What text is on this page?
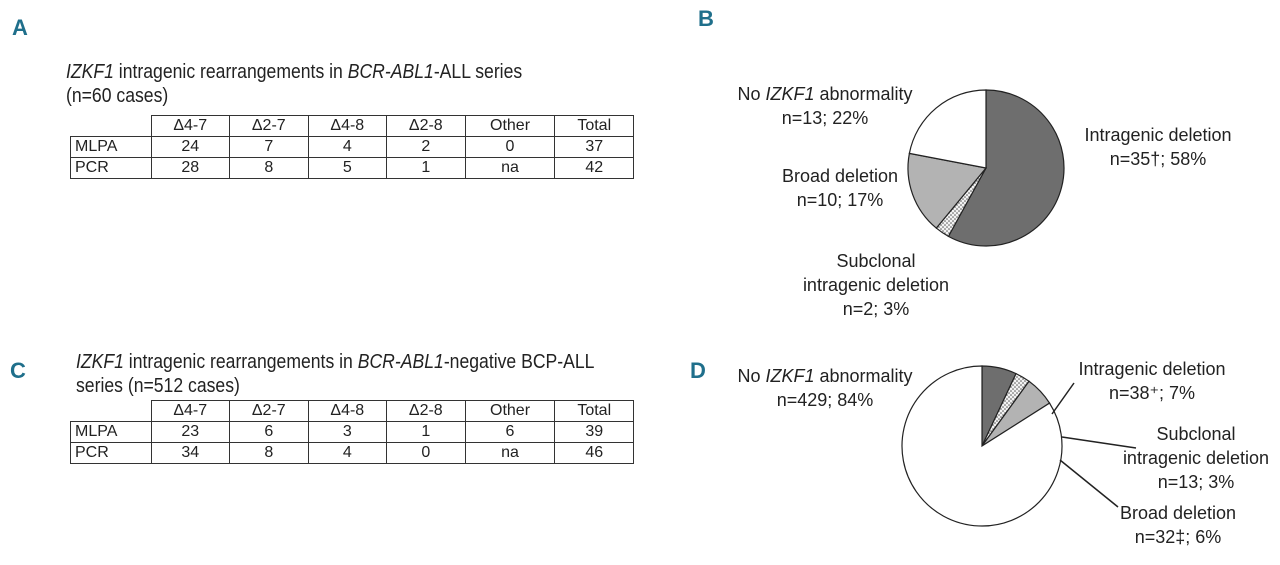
A	B
C	D
IZKF1 intragenic rearrangements in BCR-ABL1-ALL series
(n=60 cases)
	Δ4-7	Δ2-7	Δ4-8	Δ2-8	Other	Total
MLPA	24	7	4	2	0	37
PCR	28	8	5	1	na	42
IZKF1 intragenic rearrangements in BCR-ABL1-negative BCP-ALL
series (n=512 cases)
	Δ4-7	Δ2-7	Δ4-8	Δ2-8	Other	Total
MLPA	23	6	3	1	6	39
PCR	34	8	4	0	na	46
No IZKF1 abnormality
n=13; 22%
Intragenic deletion
n=35†; 58%
Broad deletion
n=10; 17%
Subclonal
intragenic deletion
n=2; 3%
No IZKF1 abnormality
n=429; 84%
Intragenic deletion
n=38⁺; 7%
Subclonal
intragenic deletion
n=13; 3%
Broad deletion
n=32‡; 6%
